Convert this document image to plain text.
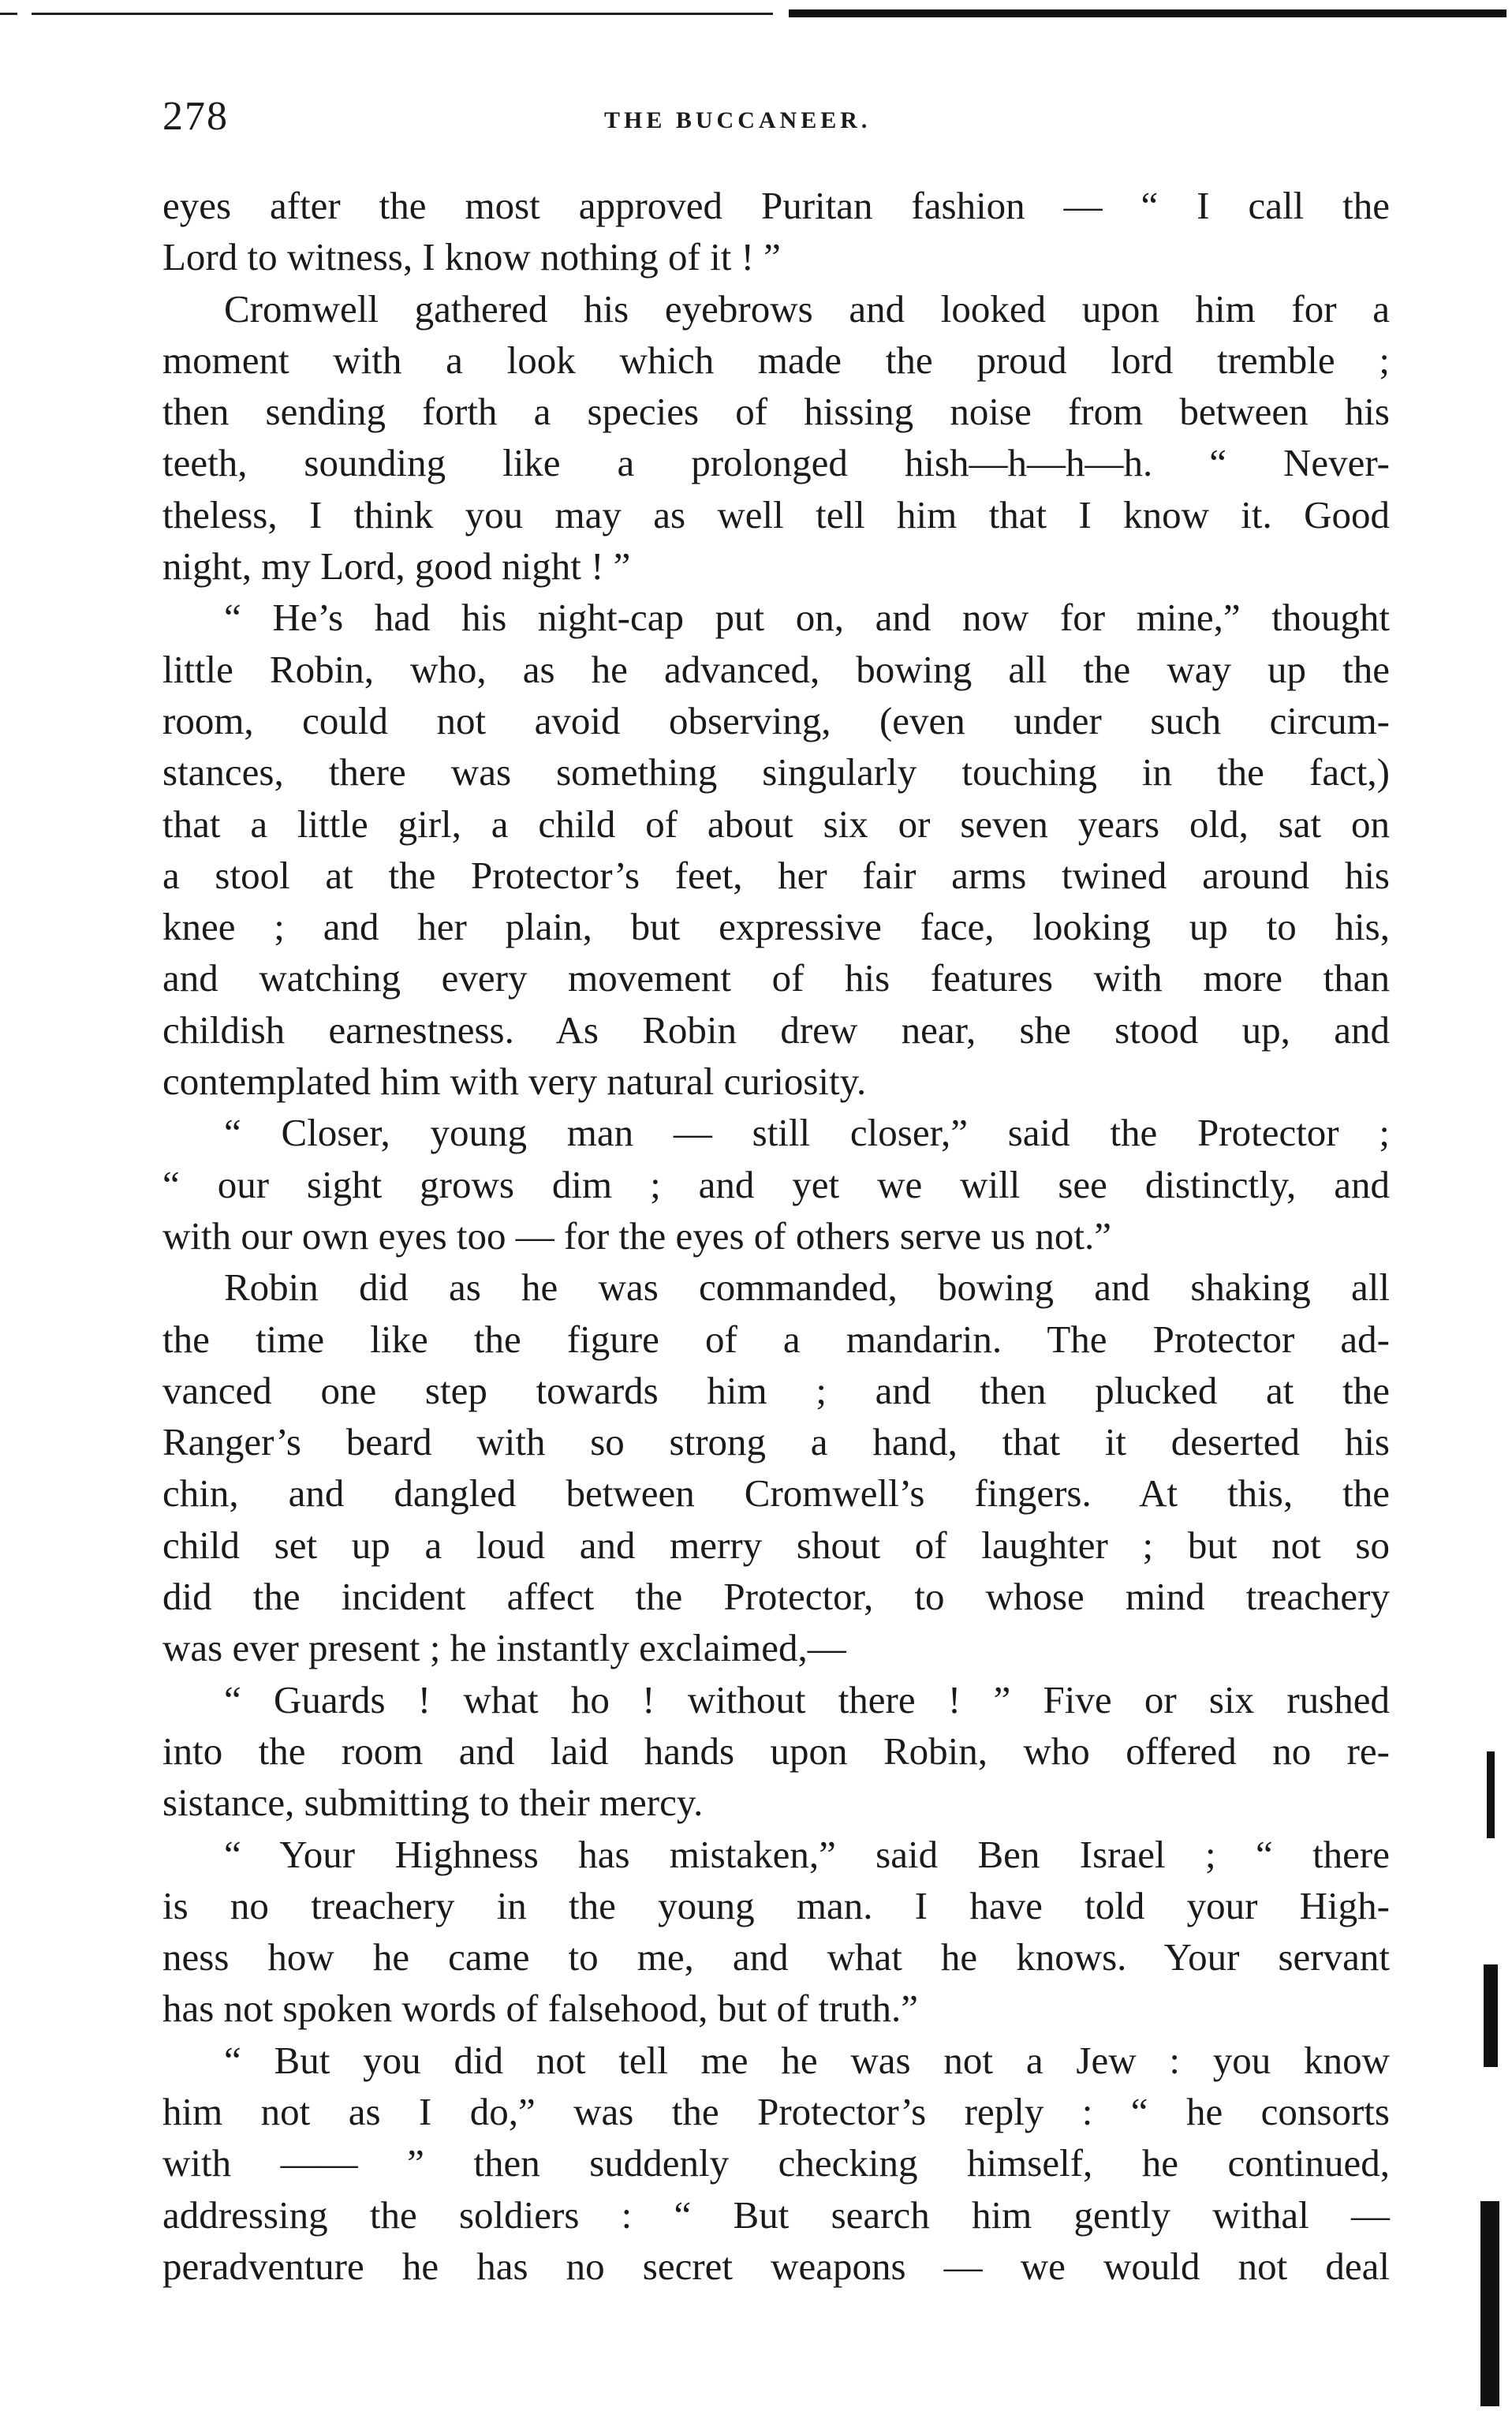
278	THE BUCCANEER.
eyes after the most approved Puritan fashion — “ I call the
Lord to witness, I know nothing of it ! ”
Cromwell gathered his eyebrows and looked upon him for a
moment with a look which made the proud lord tremble ;
then sending forth a species of hissing noise from between his
teeth, sounding like a prolonged hish—h—h—h. “ Never-
theless, I think you may as well tell him that I know it. Good
night, my Lord, good night ! ”
“ He’s had his night-cap put on, and now for mine,” thought
little Robin, who, as he advanced, bowing all the way up the
room, could not avoid observing, (even under such circum-
stances, there was something singularly touching in the fact,)
that a little girl, a child of about six or seven years old, sat on
a stool at the Protector’s feet, her fair arms twined around his
knee ; and her plain, but expressive face, looking up to his,
and watching every movement of his features with more than
childish earnestness. As Robin drew near, she stood up, and
contemplated him with very natural curiosity.
“ Closer, young man — still closer,” said the Protector ;
“ our sight grows dim ; and yet we will see distinctly, and
with our own eyes too — for the eyes of others serve us not.”
Robin did as he was commanded, bowing and shaking all
the time like the figure of a mandarin. The Protector ad-
vanced one step towards him ; and then plucked at the
Ranger’s beard with so strong a hand, that it deserted his
chin, and dangled between Cromwell’s fingers. At this, the
child set up a loud and merry shout of laughter ; but not so
did the incident affect the Protector, to whose mind treachery
was ever present ; he instantly exclaimed,—
“ Guards ! what ho ! without there ! ” Five or six rushed
into the room and laid hands upon Robin, who offered no re-
sistance, submitting to their mercy.
“ Your Highness has mistaken,” said Ben Israel ; “ there
is no treachery in the young man. I have told your High-
ness how he came to me, and what he knows. Your servant
has not spoken words of falsehood, but of truth.”
“ But you did not tell me he was not a Jew : you know
him not as I do,” was the Protector’s reply : “ he consorts
with —— ” then suddenly checking himself, he continued,
addressing the soldiers : “ But search him gently withal —
peradventure he has no secret weapons — we would not deal
